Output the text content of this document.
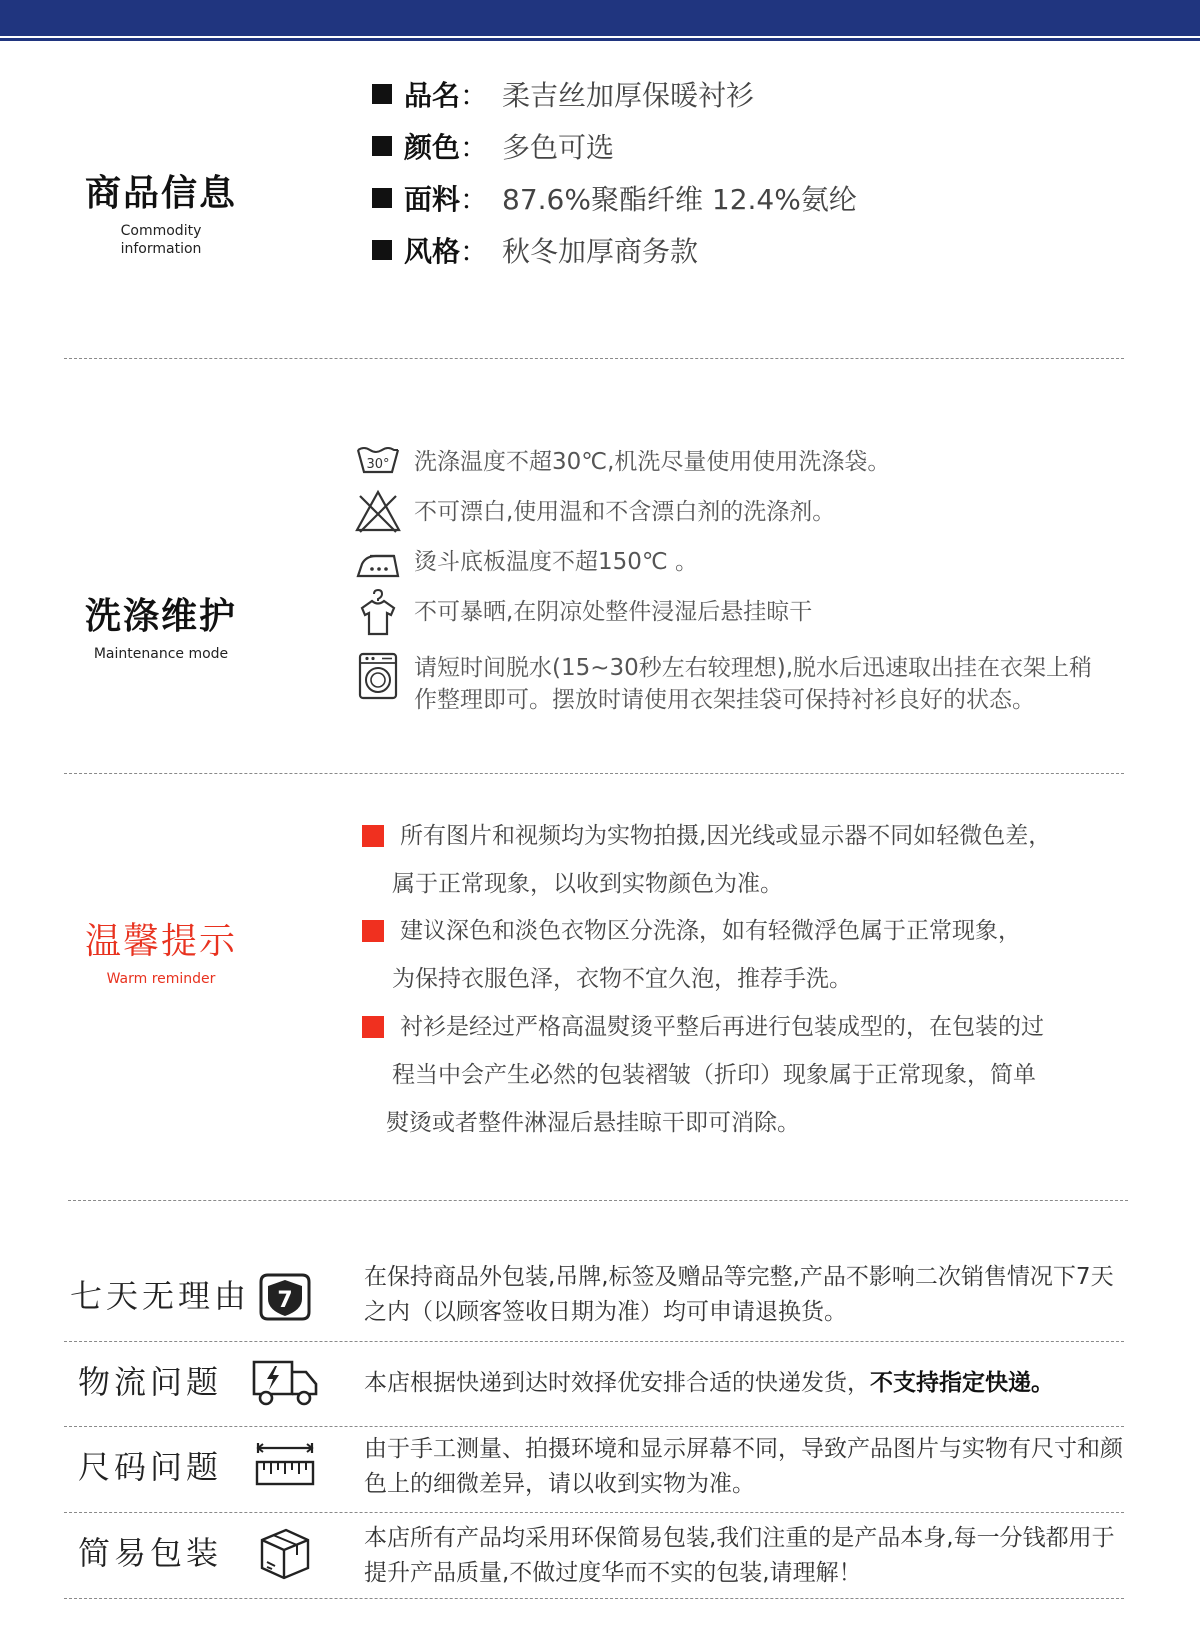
商品信息
Commodity information
品名 ： 柔吉丝加厚保暖衬衫
颜色 ： 多色可选
面料 ： 87.6%聚酯纤维 12.4%氨纶
风格 ： 秋冬加厚商务款
洗涤维护
Maintenance mode
30° 洗涤温度不超30℃,机洗尽量使用使用洗涤袋。
不可漂白,使用温和不含漂白剂的洗涤剂。
烫斗底板温度不超150℃ 。
不可暴晒,在阴凉处整件浸湿后悬挂晾干
请短时间脱水(15~30秒左右较理想),脱水后迅速取出挂在衣架上稍作整理即可。摆放时请使用衣架挂袋可保持衬衫良好的状态。
温馨提示
Warm reminder
所有图片和视频均为实物拍摄,因光线或显示器不同如轻微色差，
属于正常现象，以收到实物颜色为准。
建议深色和淡色衣物区分洗涤，如有轻微浮色属于正常现象，
为保持衣服色泽，衣物不宜久泡，推荐手洗。
衬衫是经过严格高温熨烫平整后再进行包装成型的，在包装的过
程当中会产生必然的包装褶皱（折印）现象属于正常现象，简单
熨烫或者整件淋湿后悬挂晾干即可消除。
七天无理由 7
在保持商品外包装,吊牌,标签及赠品等完整,产品不影响二次销售情况下7天之内（以顾客签收日期为准）均可申请退换货。
物流问题	本店根据快递到达时效择优安排合适的快递发货，不支持指定快递。
尺码问题	由于手工测量、拍摄环境和显示屏幕不同，导致产品图片与实物有尺寸和颜色上的细微差异，请以收到实物为准。
简易包装	本店所有产品均采用环保简易包装,我们注重的是产品本身,每一分钱都用于提升产品质量,不做过度华而不实的包装,请理解！
